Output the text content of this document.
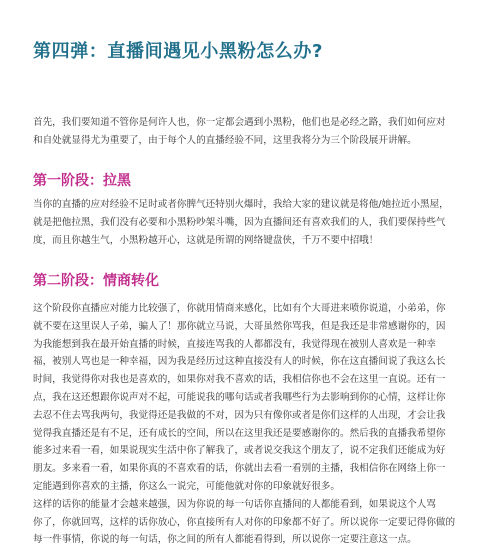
第四弹：直播间遇见小黑粉怎么办?
首先，我们要知道不管你是何许人也，你一定都会遇到小黑粉，他们也是必经之路，我们如何应对
和自处就显得尤为重要了，由于每个人的直播经验不同，这里我将分为三个阶段展开讲解。
第一阶段：拉黑
当你的直播的应对经验不足时或者你脾气还特别火爆时，我给大家的建议就是将他/她拉近小黑屋，
就是把他拉黑，我们没有必要和小黑粉吵架斗嘴，因为直播间还有喜欢我们的人，我们要保持些气
度，而且你越生气，小黑粉越开心，这就是所谓的网络键盘侠，千万不要中招哦！
第二阶段：情商转化
这个阶段你直播应对能力比较强了，你就用情商来感化，比如有个大哥进来喷你说道，小弟弟，你
就不要在这里误人子弟，骗人了！那你就立马说，大哥虽然你骂我，但是我还是非常感谢你的，因
为我能想到我在最开始直播的时候，直接连骂我的人都都没有，我觉得现在被别人喜欢是一种幸
福，被别人骂也是一种幸福，因为我是经历过这种直接没有人的时候，你在这直播间说了我这么长
时间，我觉得你对我也是喜欢的，如果你对我不喜欢的话，我相信你也不会在这里一直说。还有一
点，我在这还想跟你说声对不起，可能说我的哪句话或者我哪些行为去影响到你的心情，这样让你
去忍不住去骂我两句，我觉得还是我做的不对，因为只有像你或者是你们这样的人出现，才会让我
觉得我直播还是有不足，还有成长的空间，所以在这里我还是要感谢你的。然后我的直播我希望你
能多过来看一看，如果说现实生活中你了解我了，或者说交我这个朋友了，说不定我们还能成为好
朋友。多来看一看，如果你真的不喜欢看的话，你就出去看一看别的主播，我相信你在网络上你一
定能遇到你喜欢的主播，你这么一说完，可能他就对你的印象就好很多。
这样的话你的能量才会越来越强，因为你说的每一句话你直播间的人都能看到，如果说这个人骂
你了，你就回骂，这样的话你放心，你直接所有人对你的印象都不好了。所以说你一定要记得你做的
每一件事情，你说的每一句话，你之间的所有人都能看得到，所以说你一定要注意这一点。
